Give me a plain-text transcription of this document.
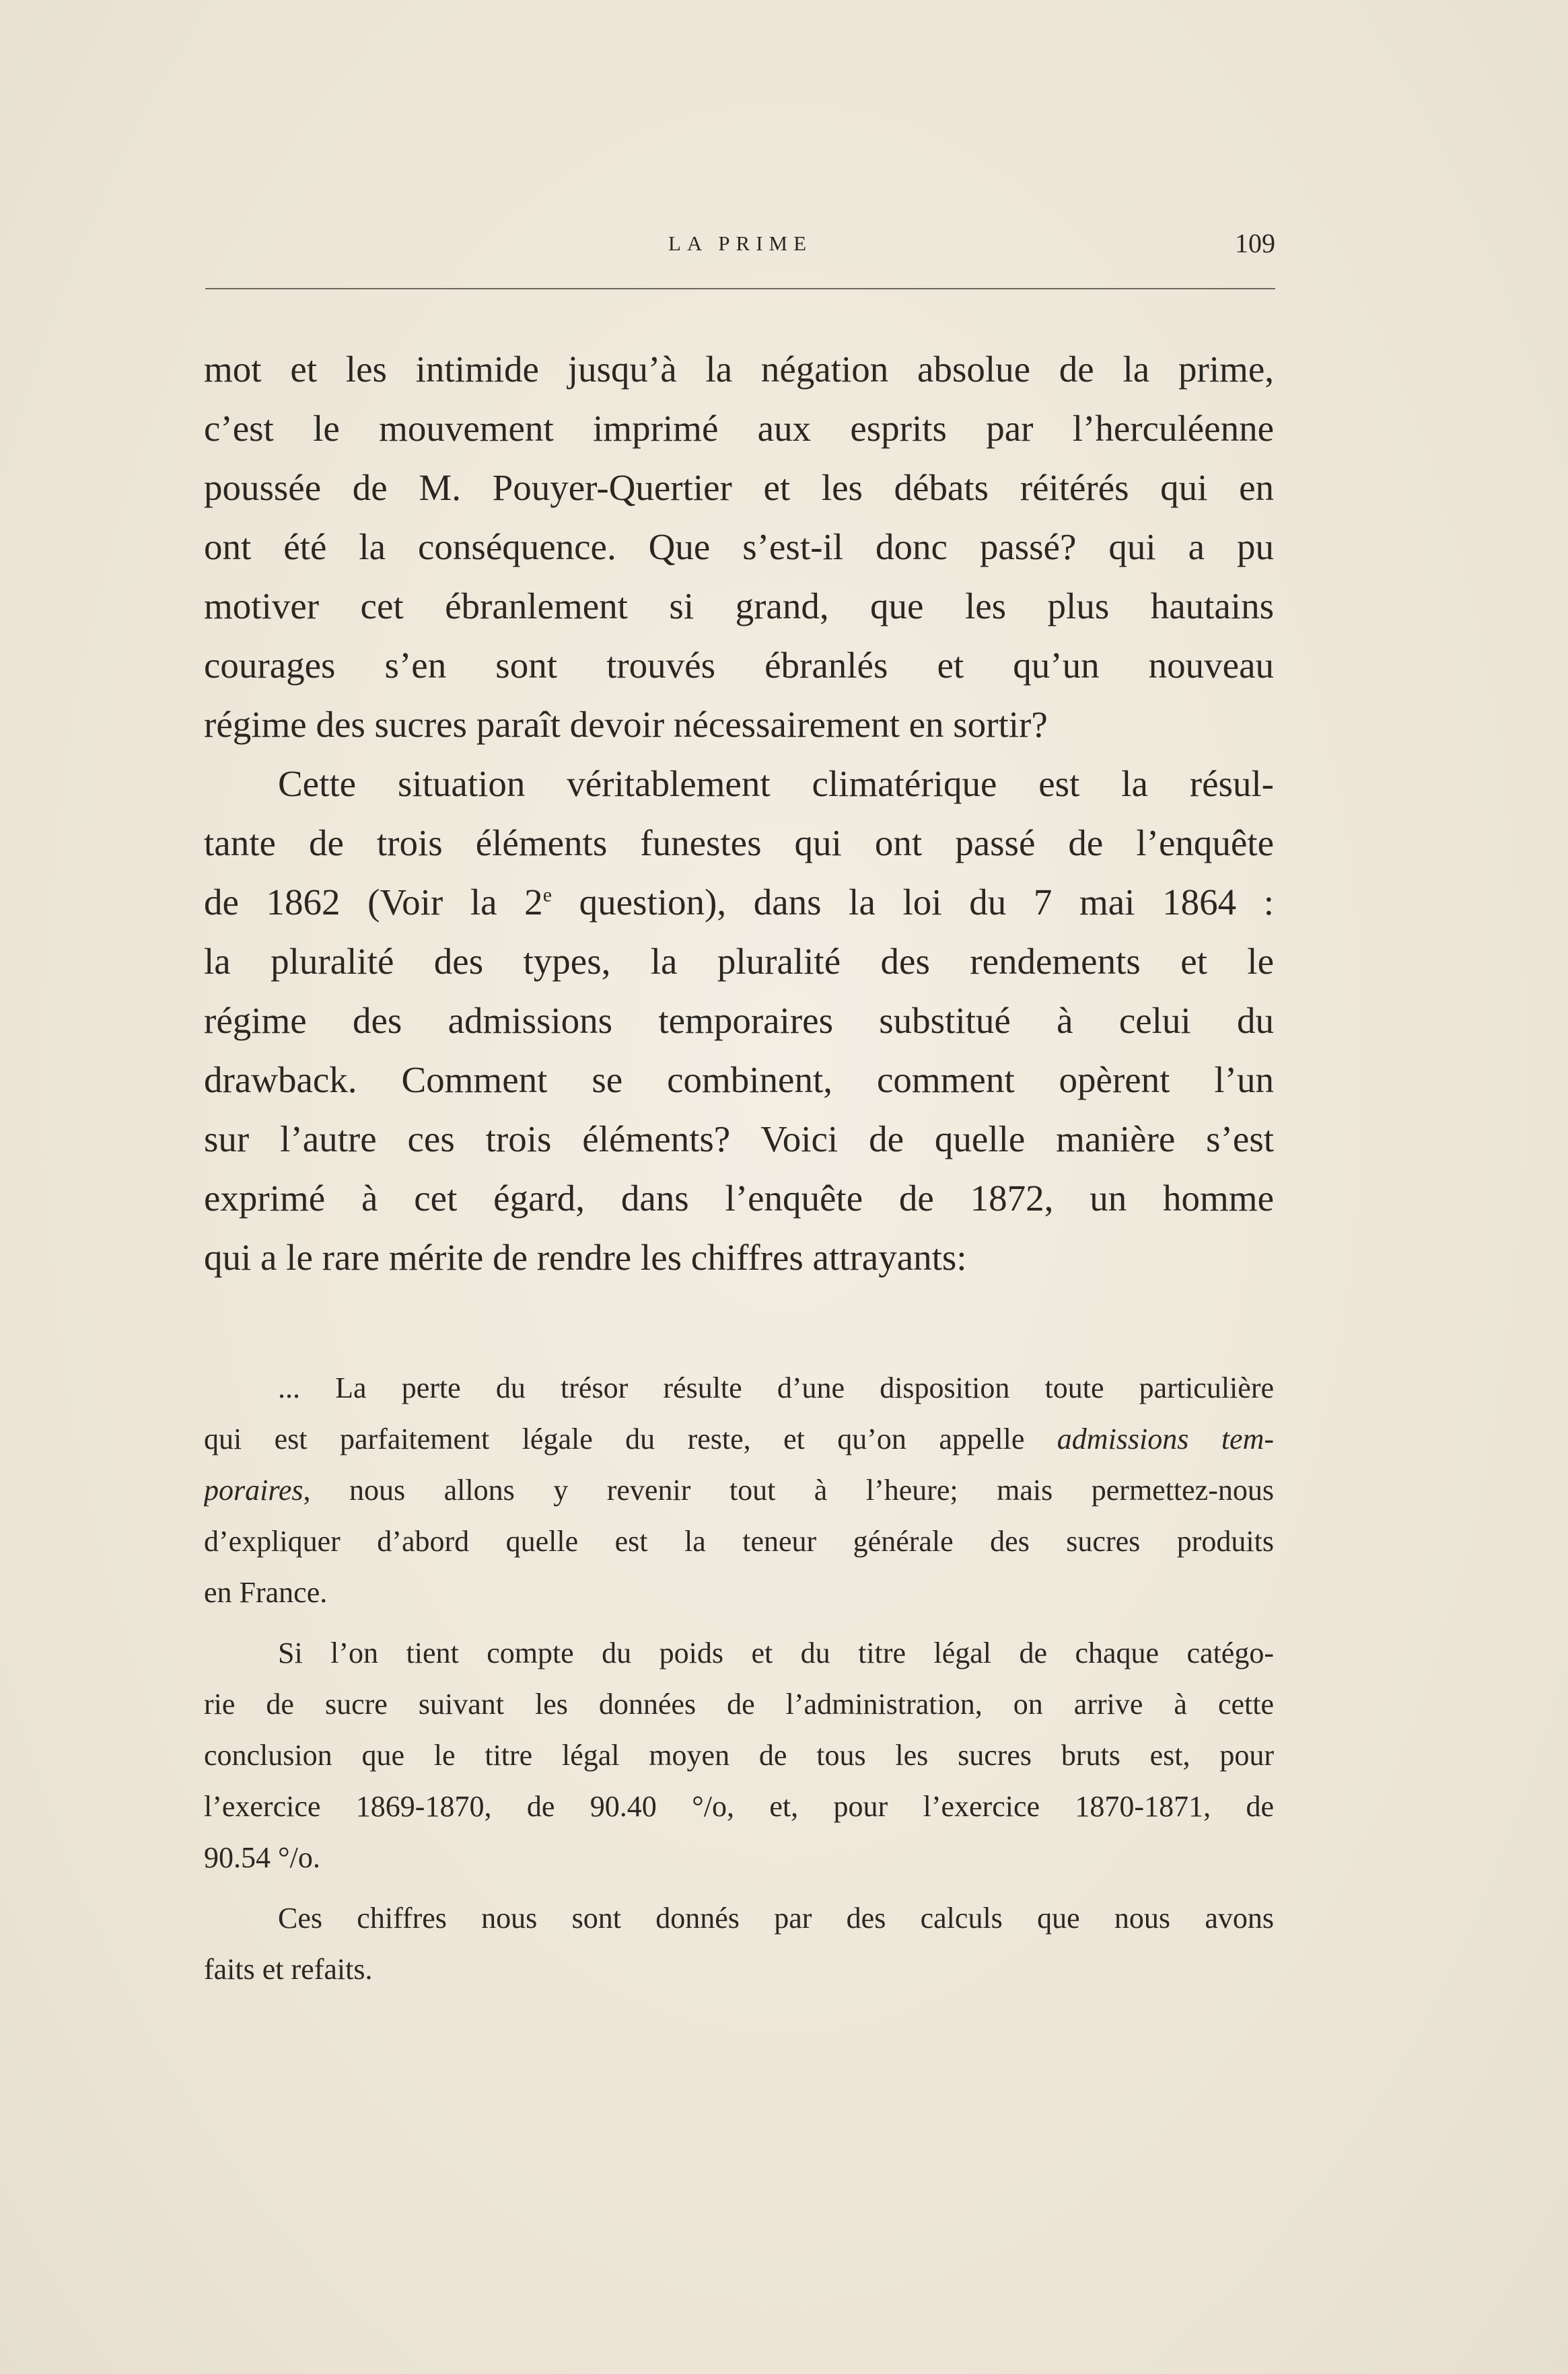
LA PRIME	109
mot et les intimide jusqu’à la négation absolue de la prime,
c’est le mouvement imprimé aux esprits par l’herculéenne
poussée de M. Pouyer-Quertier et les débats réitérés qui en
ont été la conséquence. Que s’est-il donc passé? qui a pu
motiver cet ébranlement si grand, que les plus hautains
courages s’en sont trouvés ébranlés et qu’un nouveau
régime des sucres paraît devoir nécessairement en sortir?
Cette situation véritablement climatérique est la résul-
tante de trois éléments funestes qui ont passé de l’enquête
de 1862 (Voir la 2e question), dans la loi du 7 mai 1864 :
la pluralité des types, la pluralité des rendements et le
régime des admissions temporaires substitué à celui du
drawback. Comment se combinent, comment opèrent l’un
sur l’autre ces trois éléments? Voici de quelle manière s’est
exprimé à cet égard, dans l’enquête de 1872, un homme
qui a le rare mérite de rendre les chiffres attrayants:
... La perte du trésor résulte d’une disposition toute particulière
qui est parfaitement légale du reste, et qu’on appelle admissions tem-
poraires, nous allons y revenir tout à l’heure; mais permettez-nous
d’expliquer d’abord quelle est la teneur générale des sucres produits
en France.
Si l’on tient compte du poids et du titre légal de chaque catégo-
rie de sucre suivant les données de l’administration, on arrive à cette
conclusion que le titre légal moyen de tous les sucres bruts est, pour
l’exercice 1869-1870, de 90.40 °/o, et, pour l’exercice 1870-1871, de
90.54 °/o.
Ces chiffres nous sont donnés par des calculs que nous avons
faits et refaits.
